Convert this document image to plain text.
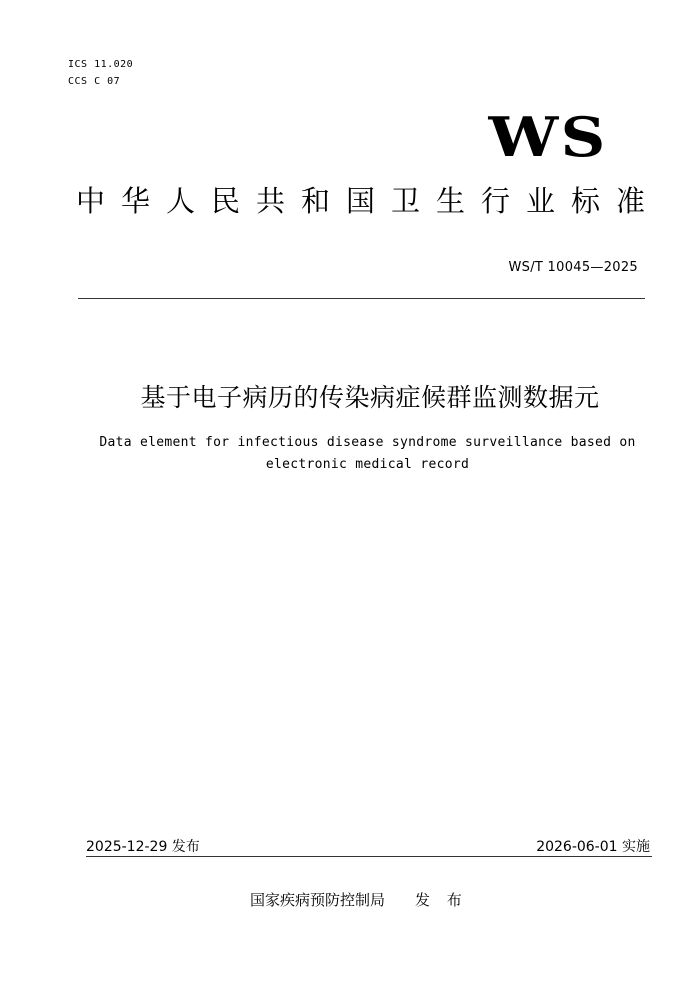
ICS 11.020
CCS C 07
WS
中华人民共和国卫生行业标准
WS/T 10045—2025
基于电子病历的传染病症候群监测数据元
Data element for infectious disease syndrome surveillance based on
electronic medical record
2025-12-29 发布	2026-06-01 实施
国家疾病预防控制局 发 布
